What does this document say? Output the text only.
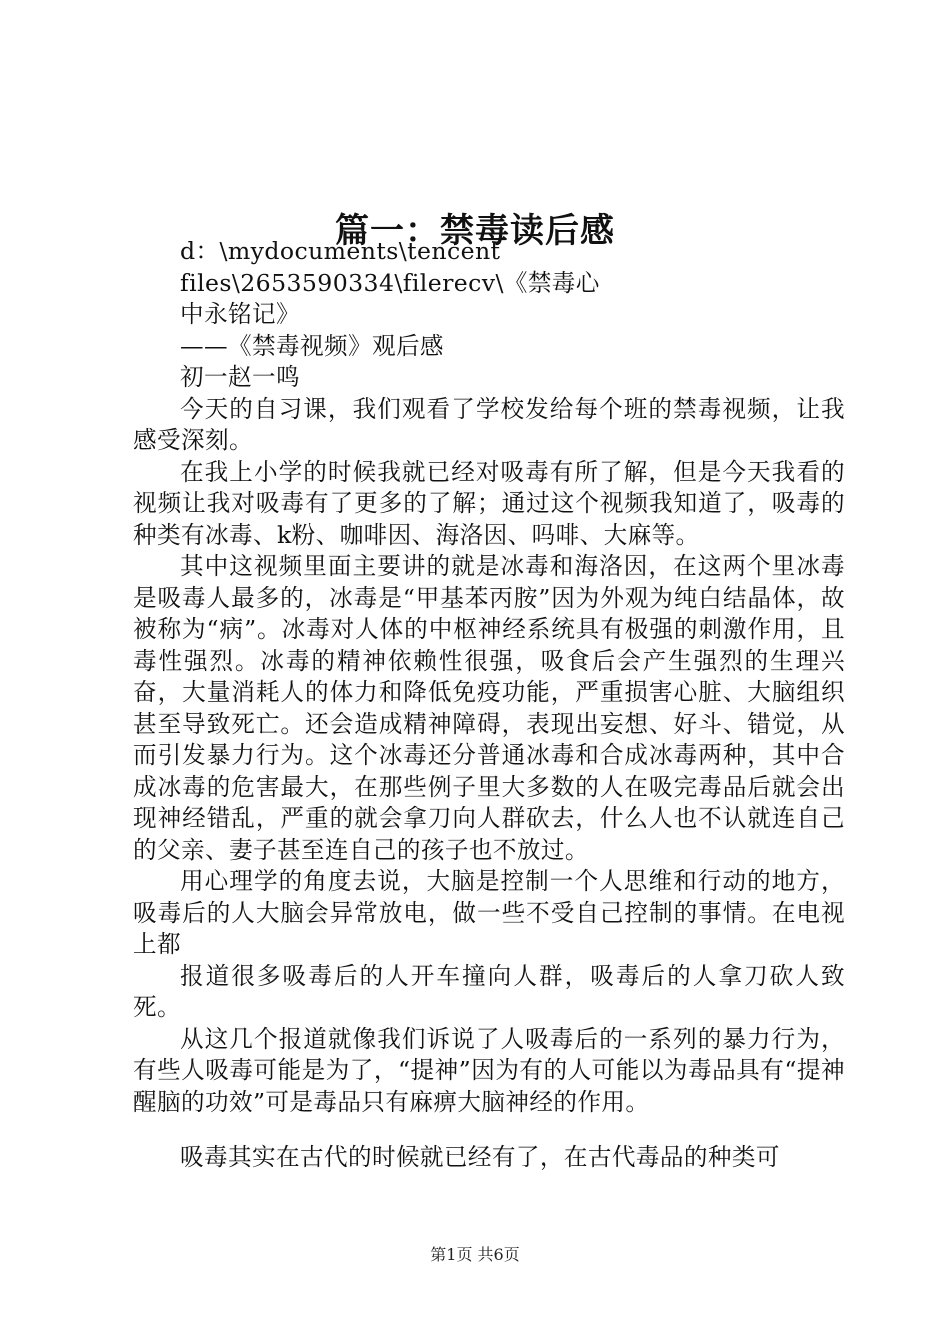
篇一：禁毒读后感

d：\mydocuments\tencent

files\2653590334\filerecv\《禁毒心

中永铭记》

——《禁毒视频》观后感

初一赵一鸣

今天的自习课，我们观看了学校发给每个班的禁毒视频，让我感受深刻。

在我上小学的时候我就已经对吸毒有所了解，但是今天我看的视频让我对吸毒有了更多的了解；通过这个视频我知道了，吸毒的种类有冰毒、k粉、咖啡因、海洛因、吗啡、大麻等。

其中这视频里面主要讲的就是冰毒和海洛因，在这两个里冰毒是吸毒人最多的，冰毒是“甲基苯丙胺”因为外观为纯白结晶体，故被称为“病”。冰毒对人体的中枢神经系统具有极强的刺激作用，且毒性强烈。冰毒的精神依赖性很强，吸食后会产生强烈的生理兴奋，大量消耗人的体力和降低免疫功能，严重损害心脏、大脑组织甚至导致死亡。还会造成精神障碍，表现出妄想、好斗、错觉，从而引发暴力行为。这个冰毒还分普通冰毒和合成冰毒两种，其中合成冰毒的危害最大，在那些例子里大多数的人在吸完毒品后就会出现神经错乱，严重的就会拿刀向人群砍去，什么人也不认就连自己的父亲、妻子甚至连自己的孩子也不放过。

用心理学的角度去说，大脑是控制一个人思维和行动的地方，吸毒后的人大脑会异常放电，做一些不受自己控制的事情。在电视上都

报道很多吸毒后的人开车撞向人群，吸毒后的人拿刀砍人致死。

从这几个报道就像我们诉说了人吸毒后的一系列的暴力行为，有些人吸毒可能是为了，“提神”因为有的人可能以为毒品具有“提神醒脑的功效”可是毒品只有麻痹大脑神经的作用。

吸毒其实在古代的时候就已经有了，在古代毒品的种类可

第1页 共6页
